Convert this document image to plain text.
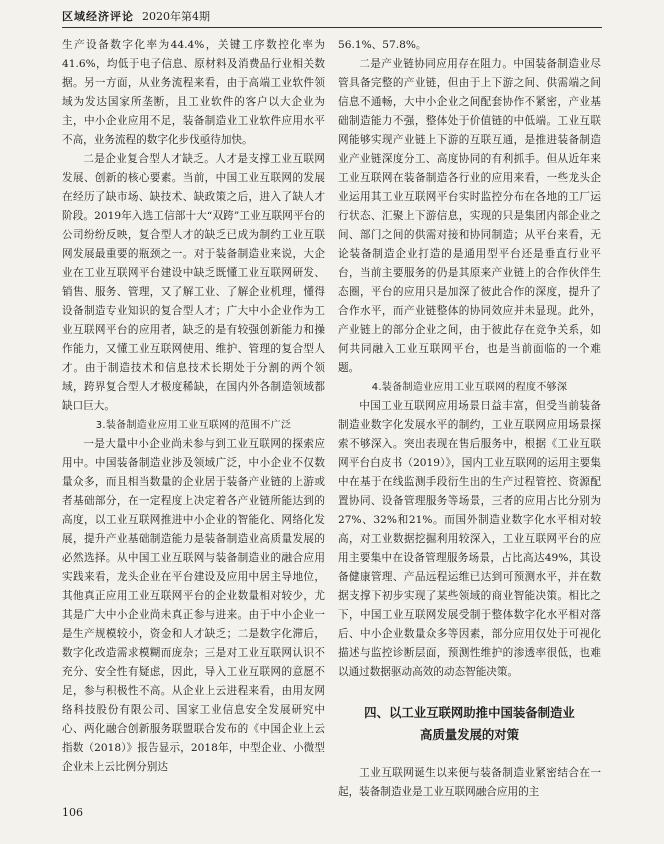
区域经济评论 2020年第4期

生产设备数字化率为44.4%，关键工序数控化率为41.6%，均低于电子信息、原材料及消费品行业相关数据。另一方面，从业务流程来看，由于高端工业软件领域为发达国家所垄断，且工业软件的客户以大企业为主，中小企业应用不足，装备制造业工业软件应用水平不高，业务流程的数字化步伐亟待加快。

二是企业复合型人才缺乏。人才是支撑工业互联网发展、创新的核心要素。当前，中国工业互联网的发展在经历了缺市场、缺技术、缺政策之后，进入了缺人才阶段。2019年入选工信部十大“双跨”工业互联网平台的公司纷纷反映，复合型人才的缺乏已成为制约工业互联网发展最重要的瓶颈之一。对于装备制造业来说，大企业在工业互联网平台建设中缺乏既懂工业互联网研发、销售、服务、管理，又了解工业、了解企业机理，懂得设备制造专业知识的复合型人才；广大中小企业作为工业互联网平台的应用者，缺乏的是有较强创新能力和操作能力，又懂工业互联网使用、维护、管理的复合型人才。由于制造技术和信息技术长期处于分割的两个领域，跨界复合型人才极度稀缺，在国内外各制造领域都缺口巨大。

3.装备制造业应用工业互联网的范围不广泛

一是大量中小企业尚未参与到工业互联网的探索应用中。中国装备制造业涉及领域广泛，中小企业不仅数量众多，而且相当数量的企业居于装备产业链的上游或者基础部分，在一定程度上决定着各产业链所能达到的高度，以工业互联网推进中小企业的智能化、网络化发展，提升产业基础制造能力是装备制造业高质量发展的必然选择。从中国工业互联网与装备制造业的融合应用实践来看，龙头企业在平台建设及应用中居主导地位，其他真正应用工业互联网平台的企业数量相对较少，尤其是广大中小企业尚未真正参与进来。由于中小企业一是生产规模较小，资金和人才缺乏；二是数字化滞后，数字化改造需求模糊而庞杂；三是对工业互联网认识不充分、安全性有疑虑，因此，导入工业互联网的意愿不足，参与积极性不高。从企业上云进程来看，由用友网络科技股份有限公司、国家工业信息安全发展研究中心、两化融合创新服务联盟联合发布的《中国企业上云指数（2018）》报告显示，2018年，中型企业、小微型企业未上云比例分别达

56.1%、57.8%。

二是产业链协同应用存在阻力。中国装备制造业尽管具备完整的产业链，但由于上下游之间、供需端之间信息不通畅，大中小企业之间配套协作不紧密，产业基础制造能力不强，整体处于价值链的中低端。工业互联网能够实现产业链上下游的互联互通，是推进装备制造业产业链深度分工、高度协同的有利抓手。但从近年来工业互联网在装备制造各行业的应用来看，一些龙头企业运用其工业互联网平台实时监控分布在各地的工厂运行状态、汇聚上下游信息，实现的只是集团内部企业之间、部门之间的供需对接和协同制造；从平台来看，无论装备制造企业打造的是通用型平台还是垂直行业平台，当前主要服务的仍是其原来产业链上的合作伙伴生态圈，平台的应用只是加深了彼此合作的深度，提升了合作水平，而产业链整体的协同效应并未显现。此外，产业链上的部分企业之间，由于彼此存在竞争关系，如何共同融入工业互联网平台，也是当前面临的一个难题。

4.装备制造业应用工业互联网的程度不够深

中国工业互联网应用场景日益丰富，但受当前装备制造业数字化发展水平的制约，工业互联网应用场景探索不够深入。突出表现在售后服务中，根据《工业互联网平台白皮书（2019）》，国内工业互联网的运用主要集中在基于在线监测手段衍生出的生产过程管控、资源配置协同、设备管理服务等场景，三者的应用占比分别为27%、32%和21%。而国外制造业数字化水平相对较高，对工业数据挖掘利用较深入，工业互联网平台的应用主要集中在设备管理服务场景，占比高达49%，其设备健康管理、产品远程运维已达到可预测水平，并在数据支撑下初步实现了某些领域的商业智能决策。相比之下，中国工业互联网发展受制于整体数字化水平相对落后、中小企业数量众多等因素，部分应用仅处于可视化描述与监控诊断层面，预测性维护的渗透率很低，也难以通过数据驱动高效的动态智能决策。

四、以工业互联网助推中国装备制造业
高质量发展的对策

工业互联网诞生以来便与装备制造业紧密结合在一起，装备制造业是工业互联网融合应用的主

106
